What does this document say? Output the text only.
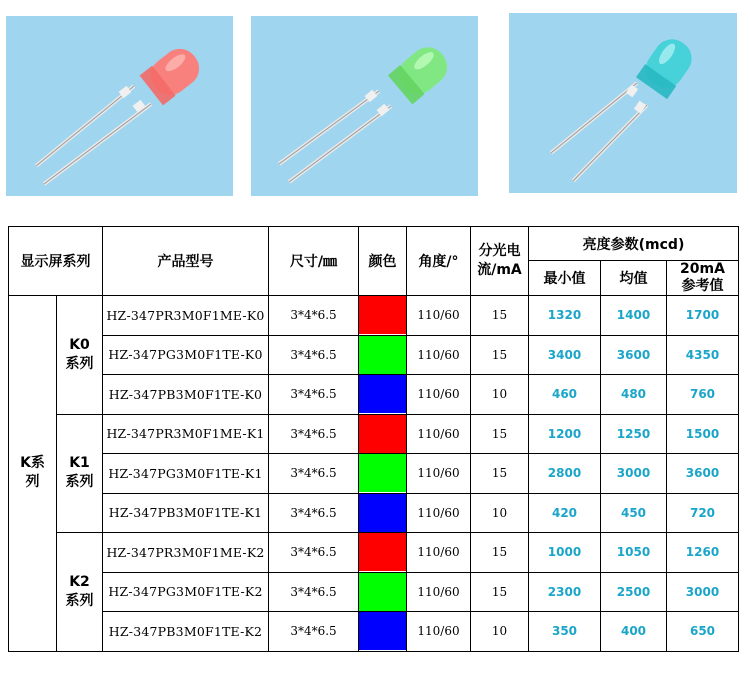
显示屏系列		产品型号	尺寸/㎜	颜色	角度/°	分光电流/mA	亮度参数(mcd)		
							最小值	均值	20mA参考值
K系列	K0系列	HZ-347PR3M0F1ME-K0	3*4*6.5		110/60	15	1320	1400	1700
		HZ-347PG3M0F1TE-K0	3*4*6.5		110/60	15	3400	3600	4350
		HZ-347PB3M0F1TE-K0	3*4*6.5		110/60	10	460	480	760
	K1系列	HZ-347PR3M0F1ME-K1	3*4*6.5		110/60	15	1200	1250	1500
		HZ-347PG3M0F1TE-K1	3*4*6.5		110/60	15	2800	3000	3600
		HZ-347PB3M0F1TE-K1	3*4*6.5		110/60	10	420	450	720
	K2系列	HZ-347PR3M0F1ME-K2	3*4*6.5		110/60	15	1000	1050	1260
		HZ-347PG3M0F1TE-K2	3*4*6.5		110/60	15	2300	2500	3000
		HZ-347PB3M0F1TE-K2	3*4*6.5		110/60	10	350	400	650
